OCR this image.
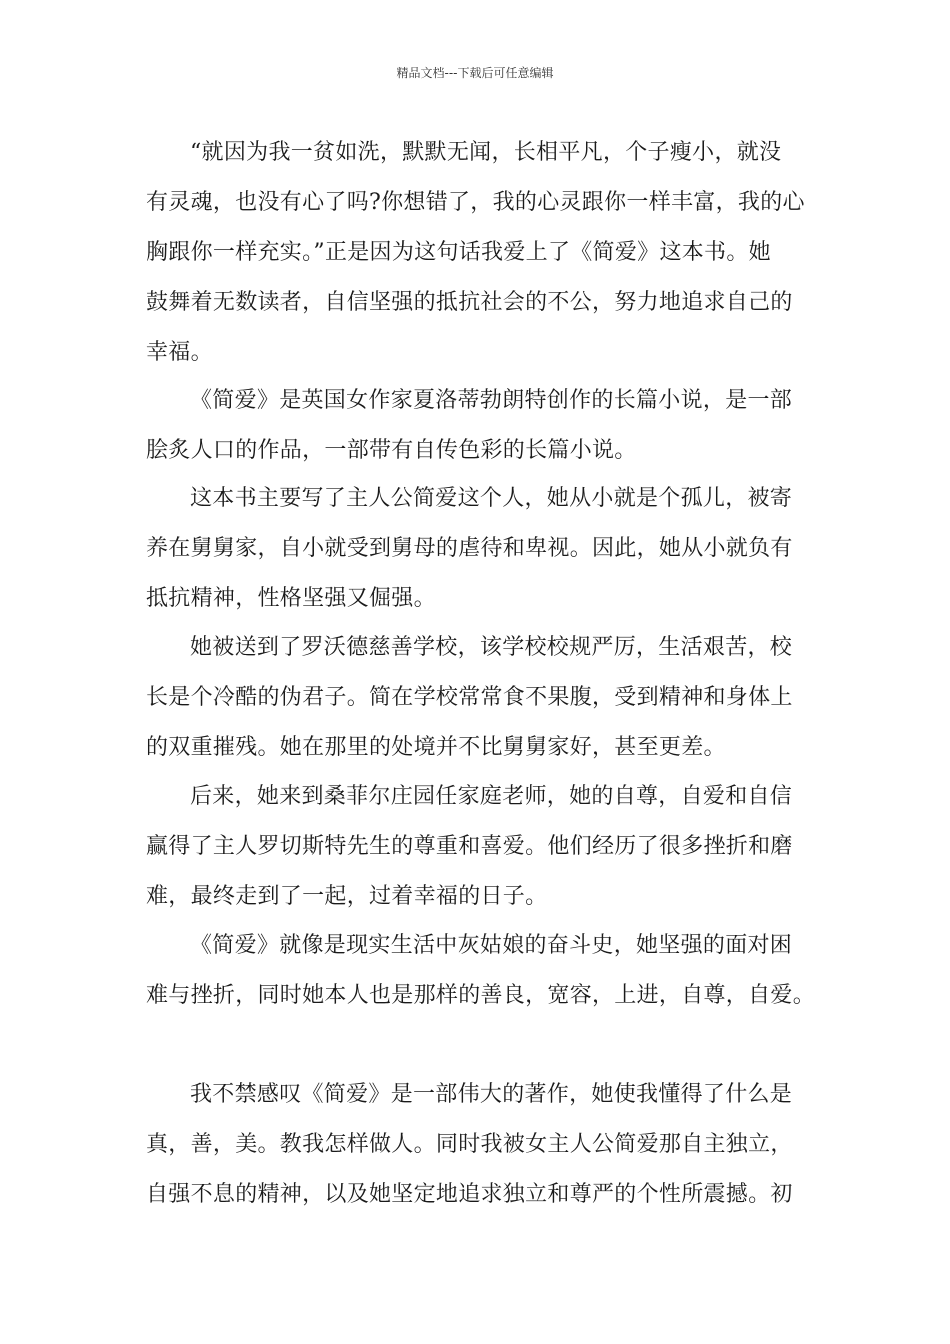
精品文档---下载后可任意编辑
“就因为我一贫如洗，默默无闻，长相平凡，个子瘦小，就没
有灵魂，也没有心了吗?你想错了，我的心灵跟你一样丰富，我的心
胸跟你一样充实。”正是因为这句话我爱上了《简爱》这本书。她
鼓舞着无数读者，自信坚强的抵抗社会的不公，努力地追求自己的
幸福。
《简爱》是英国女作家夏洛蒂勃朗特创作的长篇小说，是一部
脍炙人口的作品，一部带有自传色彩的长篇小说。
这本书主要写了主人公简爱这个人，她从小就是个孤儿，被寄
养在舅舅家，自小就受到舅母的虐待和卑视。因此，她从小就负有
抵抗精神，性格坚强又倔强。
她被送到了罗沃德慈善学校，该学校校规严厉，生活艰苦，校
长是个冷酷的伪君子。简在学校常常食不果腹，受到精神和身体上
的双重摧残。她在那里的处境并不比舅舅家好，甚至更差。
后来，她来到桑菲尔庄园任家庭老师，她的自尊，自爱和自信
赢得了主人罗切斯特先生的尊重和喜爱。他们经历了很多挫折和磨
难，最终走到了一起，过着幸福的日子。
《简爱》就像是现实生活中灰姑娘的奋斗史，她坚强的面对困
难与挫折，同时她本人也是那样的善良，宽容，上进，自尊，自爱。
我不禁感叹《简爱》是一部伟大的著作，她使我懂得了什么是
真，善，美。教我怎样做人。同时我被女主人公简爱那自主独立，
自强不息的精神，以及她坚定地追求独立和尊严的个性所震撼。初
